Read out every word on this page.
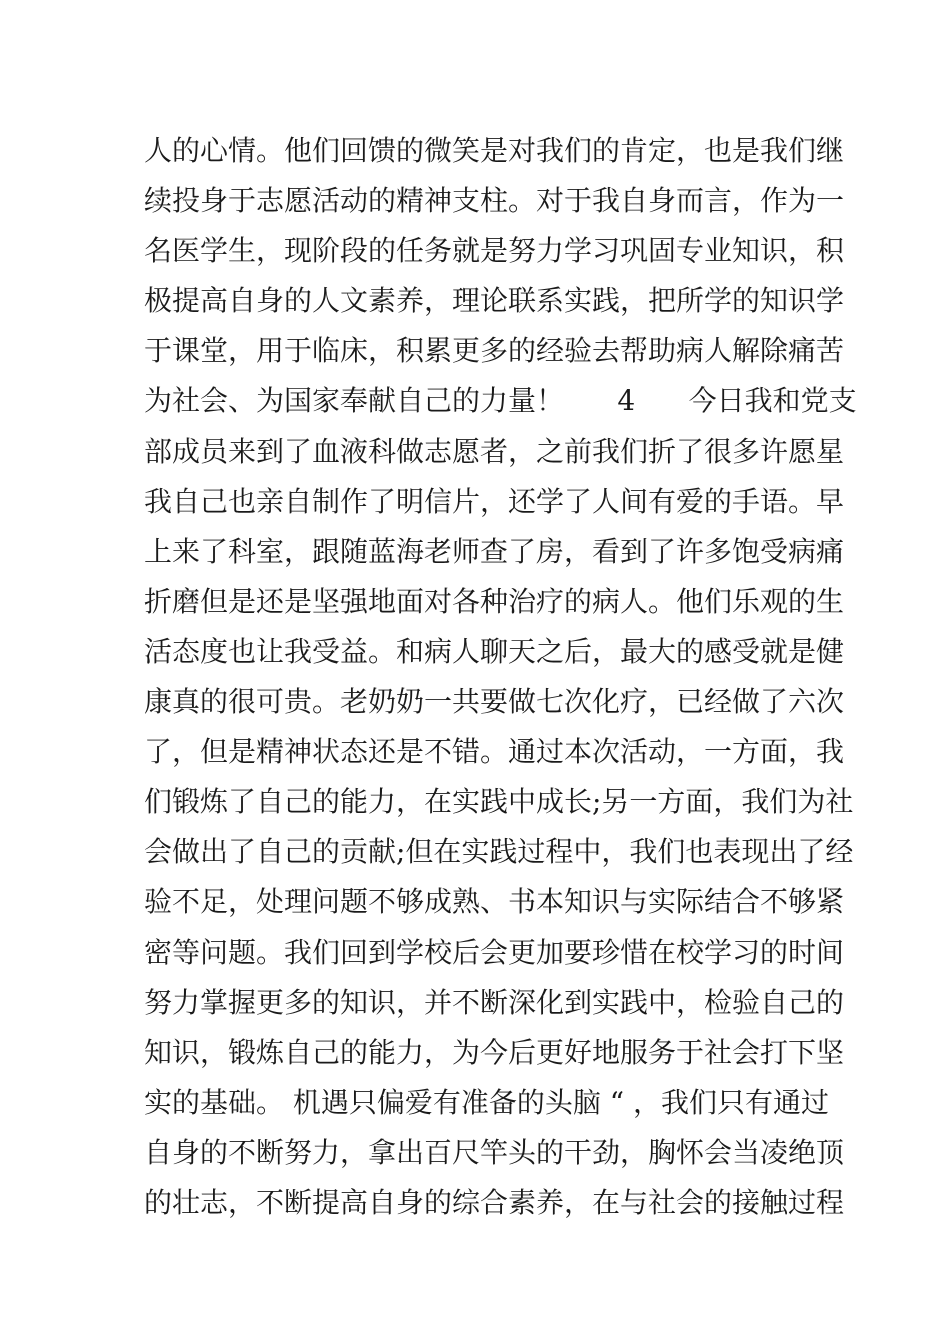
人的心情。他们回馈的微笑是对我们的肯定，也是我们继
续投身于志愿活动的精神支柱。对于我自身而言，作为一
名医学生，现阶段的任务就是努力学习巩固专业知识，积
极提高自身的人文素养，理论联系实践，把所学的知识学
于课堂，用于临床，积累更多的经验去帮助病人解除痛苦
为社会、为国家奉献自己的力量！      4      今日我和党支
部成员来到了血液科做志愿者，之前我们折了很多许愿星
我自己也亲自制作了明信片，还学了人间有爱的手语。早
上来了科室，跟随蓝海老师查了房，看到了许多饱受病痛
折磨但是还是坚强地面对各种治疗的病人。他们乐观的生
活态度也让我受益。和病人聊天之后，最大的感受就是健
康真的很可贵。老奶奶一共要做七次化疗，已经做了六次
了，但是精神状态还是不错。通过本次活动，一方面，我
们锻炼了自己的能力，在实践中成长;另一方面，我们为社
会做出了自己的贡献;但在实践过程中，我们也表现出了经
验不足，处理问题不够成熟、书本知识与实际结合不够紧
密等问题。我们回到学校后会更加要珍惜在校学习的时间
努力掌握更多的知识，并不断深化到实践中，检验自己的
知识，锻炼自己的能力，为今后更好地服务于社会打下坚
实的基础。 机遇只偏爱有准备的头脑 “ ，我们只有通过
自身的不断努力，拿出百尺竿头的干劲，胸怀会当凌绝顶
的壮志，不断提高自身的综合素养，在与社会的接触过程
